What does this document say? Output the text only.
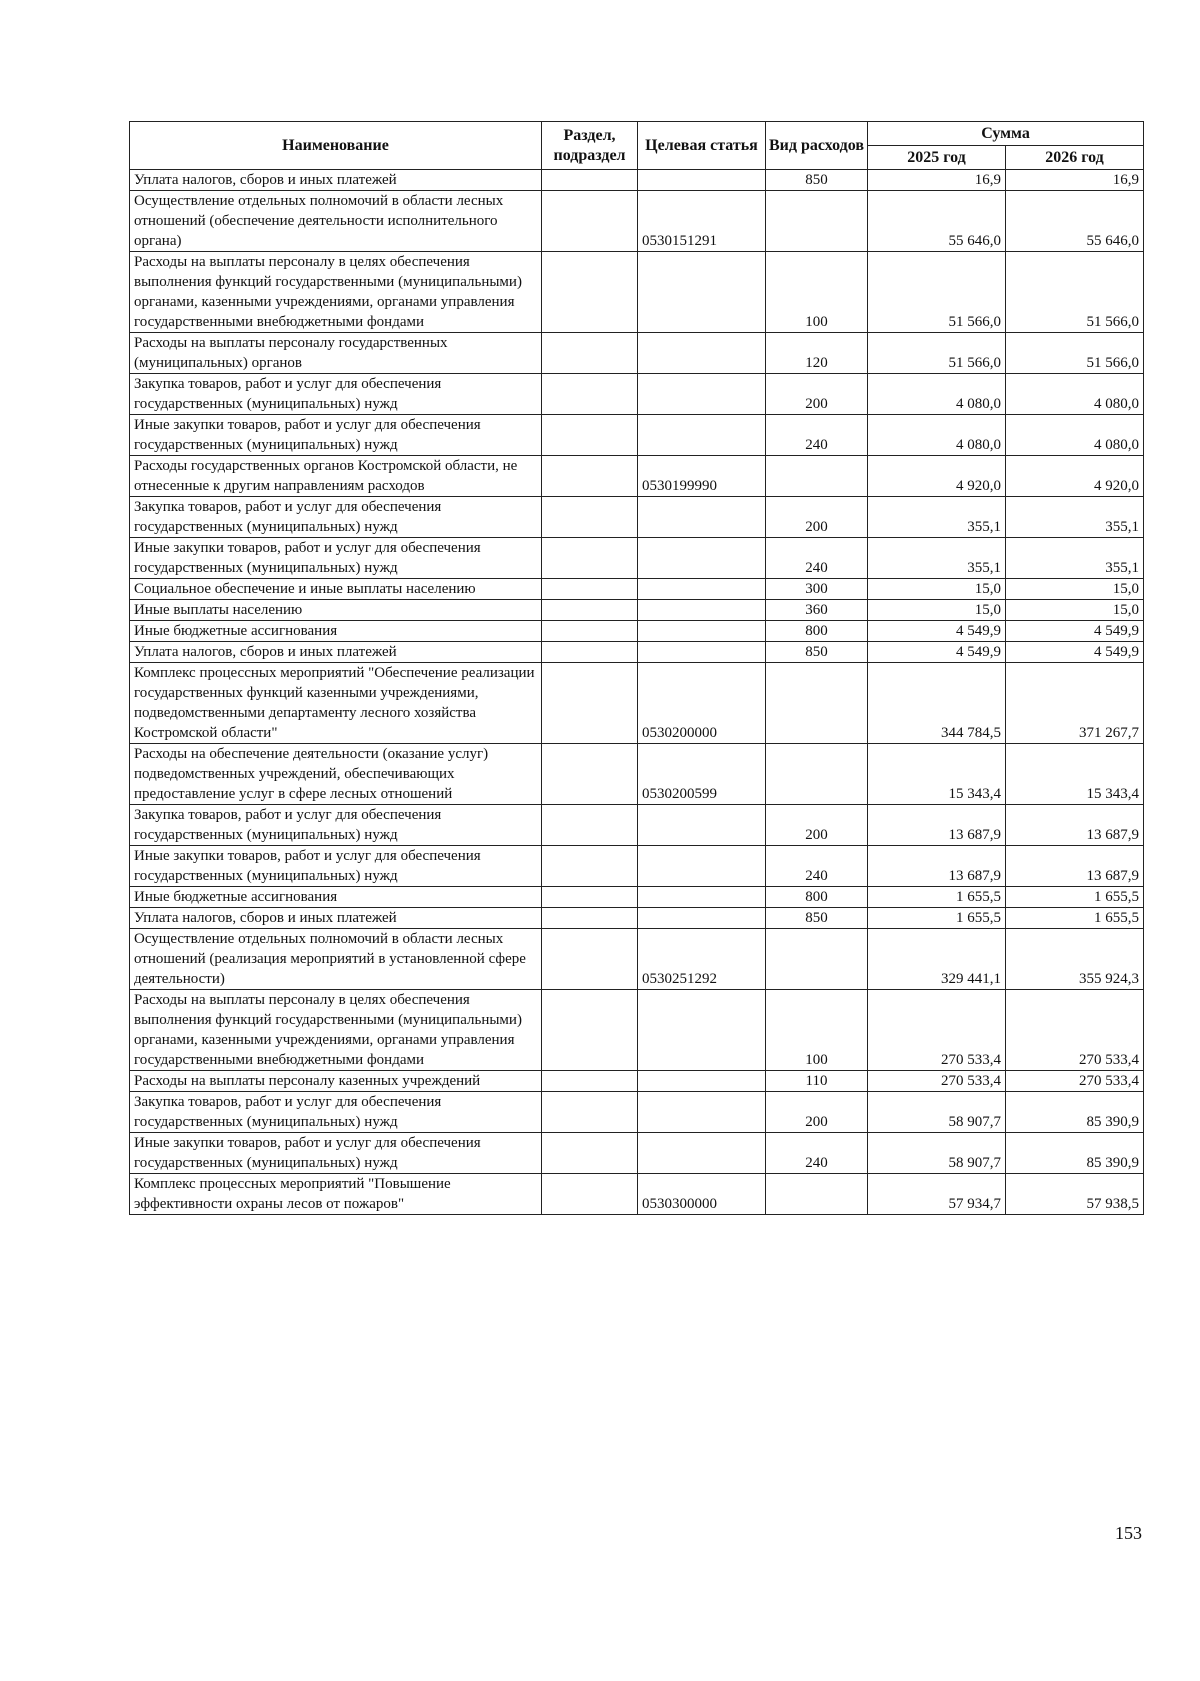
Наименование	Раздел, подраздел	Целевая статья	Вид расходов	Сумма	
				2025 год	2026 год
Уплата налогов, сборов и иных платежей			850	16,9	16,9
Осуществление отдельных полномочий в области лесных отношений (обеспечение деятельности исполнительного органа)		0530151291		55 646,0	55 646,0
Расходы на выплаты персоналу в целях обеспечения выполнения функций государственными (муниципальными) органами, казенными учреждениями, органами управления государственными внебюджетными фондами			100	51 566,0	51 566,0
Расходы на выплаты персоналу государственных (муниципальных) органов			120	51 566,0	51 566,0
Закупка товаров, работ и услуг для обеспечения государственных (муниципальных) нужд			200	4 080,0	4 080,0
Иные закупки товаров, работ и услуг для обеспечения государственных (муниципальных) нужд			240	4 080,0	4 080,0
Расходы государственных органов Костромской области, не отнесенные к другим направлениям расходов		0530199990		4 920,0	4 920,0
Закупка товаров, работ и услуг для обеспечения государственных (муниципальных) нужд			200	355,1	355,1
Иные закупки товаров, работ и услуг для обеспечения государственных (муниципальных) нужд			240	355,1	355,1
Социальное обеспечение и иные выплаты населению			300	15,0	15,0
Иные выплаты населению			360	15,0	15,0
Иные бюджетные ассигнования			800	4 549,9	4 549,9
Уплата налогов, сборов и иных платежей			850	4 549,9	4 549,9
Комплекс процессных мероприятий "Обеспечение реализации государственных функций казенными учреждениями, подведомственными департаменту лесного хозяйства Костромской области"		0530200000		344 784,5	371 267,7
Расходы на обеспечение деятельности (оказание услуг) подведомственных учреждений, обеспечивающих предоставление услуг в сфере лесных отношений		0530200599		15 343,4	15 343,4
Закупка товаров, работ и услуг для обеспечения государственных (муниципальных) нужд			200	13 687,9	13 687,9
Иные закупки товаров, работ и услуг для обеспечения государственных (муниципальных) нужд			240	13 687,9	13 687,9
Иные бюджетные ассигнования			800	1 655,5	1 655,5
Уплата налогов, сборов и иных платежей			850	1 655,5	1 655,5
Осуществление отдельных полномочий в области лесных отношений (реализация мероприятий в установленной сфере деятельности)		0530251292		329 441,1	355 924,3
Расходы на выплаты персоналу в целях обеспечения выполнения функций государственными (муниципальными) органами, казенными учреждениями, органами управления государственными внебюджетными фондами			100	270 533,4	270 533,4
Расходы на выплаты персоналу казенных учреждений			110	270 533,4	270 533,4
Закупка товаров, работ и услуг для обеспечения государственных (муниципальных) нужд			200	58 907,7	85 390,9
Иные закупки товаров, работ и услуг для обеспечения государственных (муниципальных) нужд			240	58 907,7	85 390,9
Комплекс процессных мероприятий "Повышение эффективности охраны лесов от пожаров"		0530300000		57 934,7	57 938,5
153
